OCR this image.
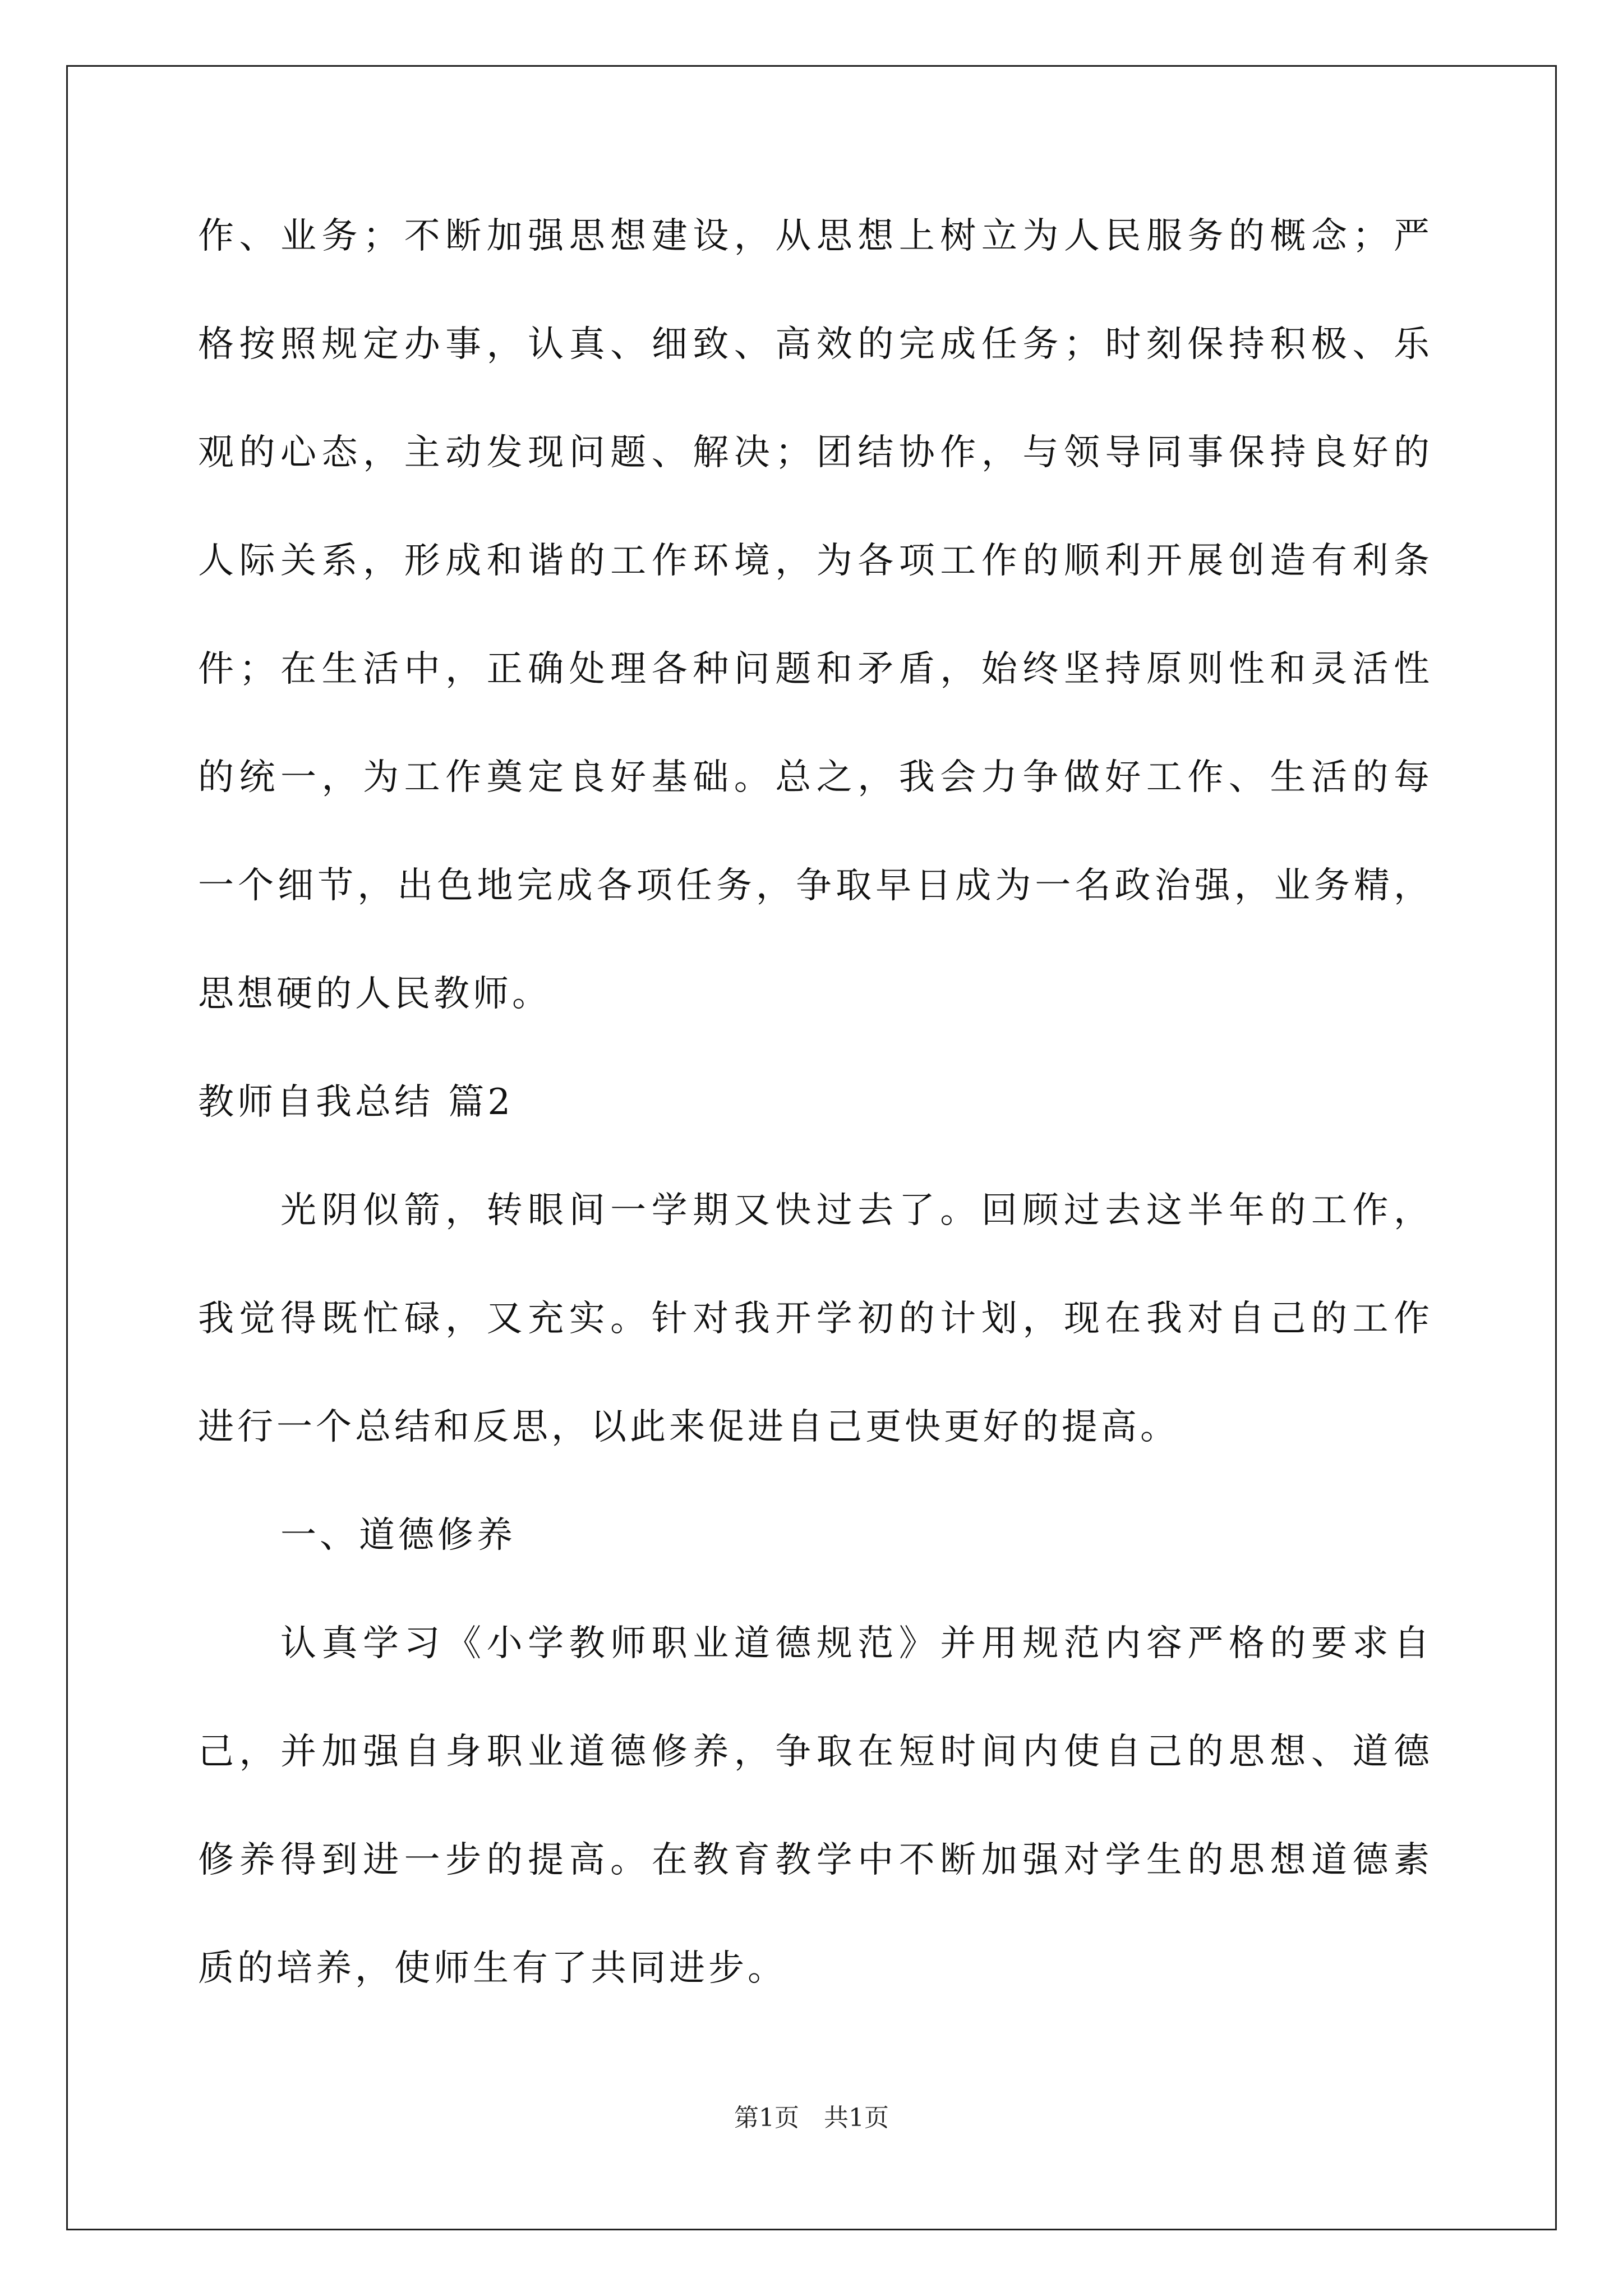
作、业务；不断加强思想建设，从思想上树立为人民服务的概念；严

格按照规定办事，认真、细致、高效的完成任务；时刻保持积极、乐

观的心态，主动发现问题、解决；团结协作，与领导同事保持良好的

人际关系，形成和谐的工作环境，为各项工作的顺利开展创造有利条

件；在生活中，正确处理各种问题和矛盾，始终坚持原则性和灵活性

的统一，为工作奠定良好基础。总之，我会力争做好工作、生活的每

一个细节，出色地完成各项任务，争取早日成为一名政治强，业务精，

思想硬的人民教师。

教师自我总结 篇2

光阴似箭，转眼间一学期又快过去了。回顾过去这半年的工作，

我觉得既忙碌，又充实。针对我开学初的计划，现在我对自己的工作

进行一个总结和反思，以此来促进自己更快更好的提高。

一、道德修养

认真学习《小学教师职业道德规范》并用规范内容严格的要求自

己，并加强自身职业道德修养，争取在短时间内使自己的思想、道德

修养得到进一步的提高。在教育教学中不断加强对学生的思想道德素

质的培养，使师生有了共同进步。

第1页　共1页
